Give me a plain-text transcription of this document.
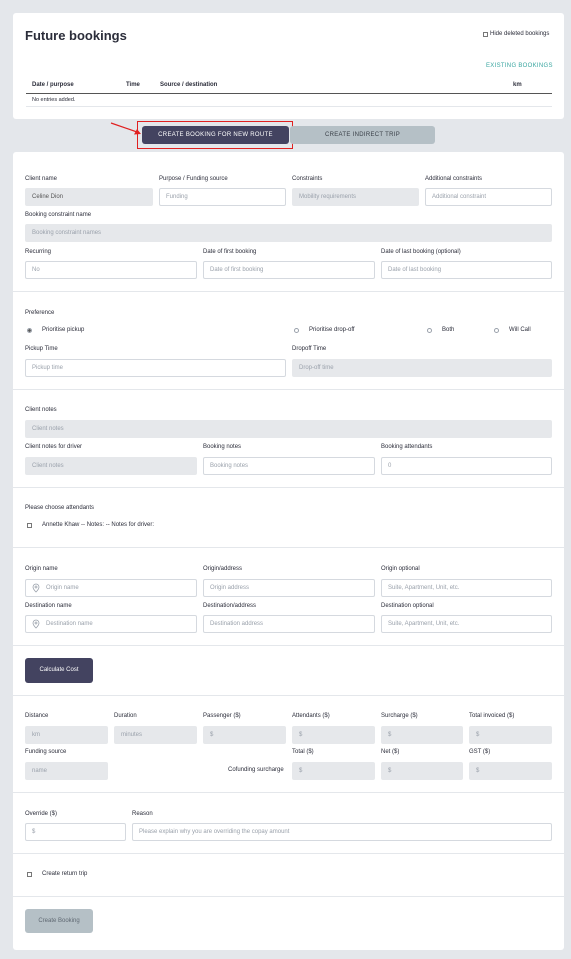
Future bookings	Hide deleted bookings
EXISTING BOOKINGS
Date / purpose	Time	Source / destination	km
No entries added.
CREATE BOOKING FOR NEW ROUTE	CREATE INDIRECT TRIP
Client name
Celine Dion
Purpose / Funding source
Funding
Constraints
Mobility requirements
Additional constraints
Additional constraint
Booking constraint name
Booking constraint names
Recurring
No
Date of first booking
Date of first booking
Date of last booking (optional)
Date of last booking
Preference
Prioritise pickup	Prioritise drop-off	Both	Will Call
Pickup Time
Pickup time
Dropoff Time
Drop-off time
Client notes
Client notes
Client notes for driver
Client notes
Booking notes
Booking notes
Booking attendants
0
Please choose attendants
Annette Khaw -- Notes: -- Notes for driver:
Origin name
Origin name
Origin/address
Origin address
Origin optional
Suite, Apartment, Unit, etc.
Destination name
Destination name
Destination/address
Destination address
Destination optional
Suite, Apartment, Unit, etc.
Calculate Cost
Distance
km
Duration
minutes
Passenger ($)
$
Attendants ($)
$
Surcharge ($)
$
Total invoiced ($)
$
Funding source
name	Cofunding surcharge
Total ($)
$
Net ($)
$
GST ($)
$
Override ($)
$
Reason
Please explain why you are overriding the copay amount
Create return trip
Create Booking
